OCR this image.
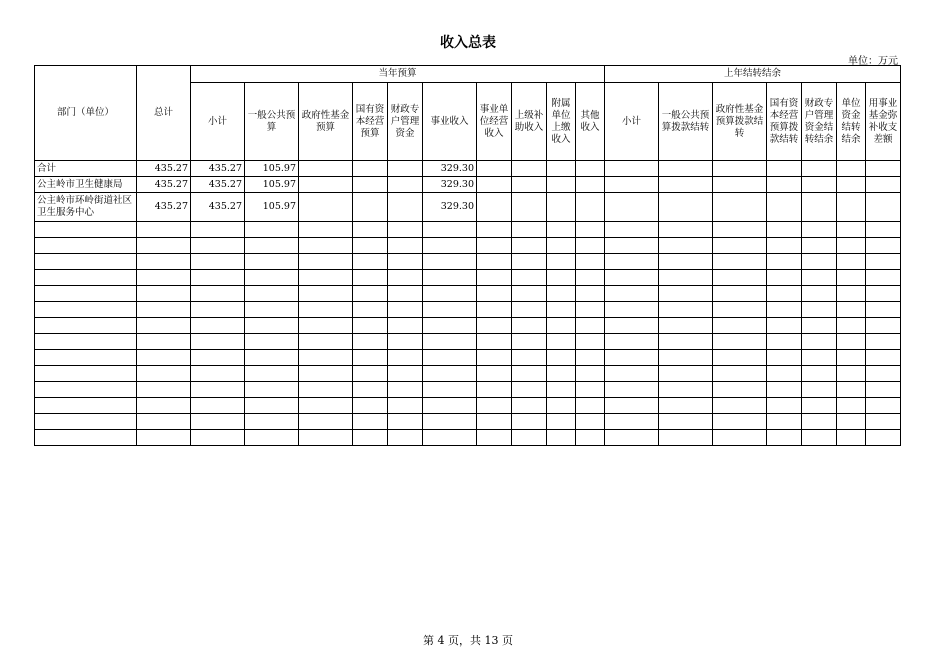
收入总表
单位：万元
部门（单位）	总计	当年预算										上年结转结余						
		小计	一般公共预算	政府性基金预算	国有资本经营预算	财政专户管理资金	事业收入	事业单位经营收入	上级补助收入	附属单位上缴收入	其他收入	小计	一般公共预算拨款结转	政府性基金预算拨款结转	国有资本经营预算拨款结转	财政专户管理资金结转结余	单位资金结转结余	用事业基金弥补收支差额
合计	435.27	435.27	105.97				329.30											
公主岭市卫生健康局	435.27	435.27	105.97				329.30											
公主岭市环岭街道社区卫生服务中心	435.27	435.27	105.97				329.30											

第 4 页，共 13 页
